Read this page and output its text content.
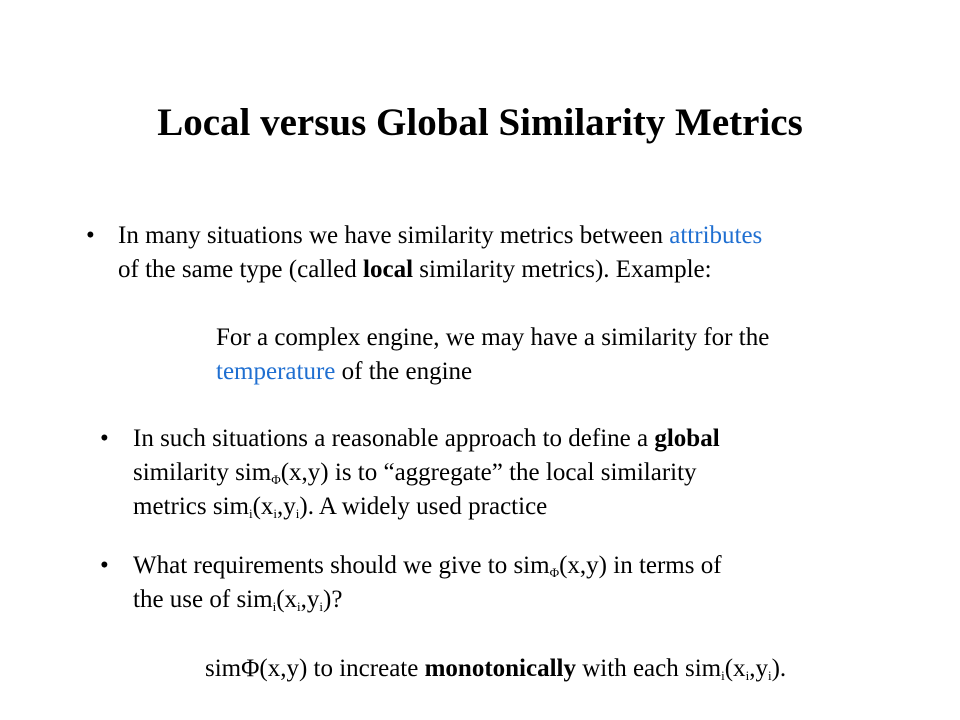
Local versus Global Similarity Metrics
• In many situations we have similarity metrics between attributes
of the same type (called local similarity metrics). Example:
For a complex engine, we may have a similarity for the
temperature of the engine
• In such situations a reasonable approach to define a global
similarity sim$_\Phi$(x,y) is to “aggregate” the local similarity
metrics $sim_i(x_i,y_i)$. A widely used practice
• What requirements should we give to sim$_\Phi$(x,y) in terms of
the use of $sim_i(x_i,y_i)$?
simΦ(x,y) to increate monotonically with each $sim_i(x_i,y_i)$.
